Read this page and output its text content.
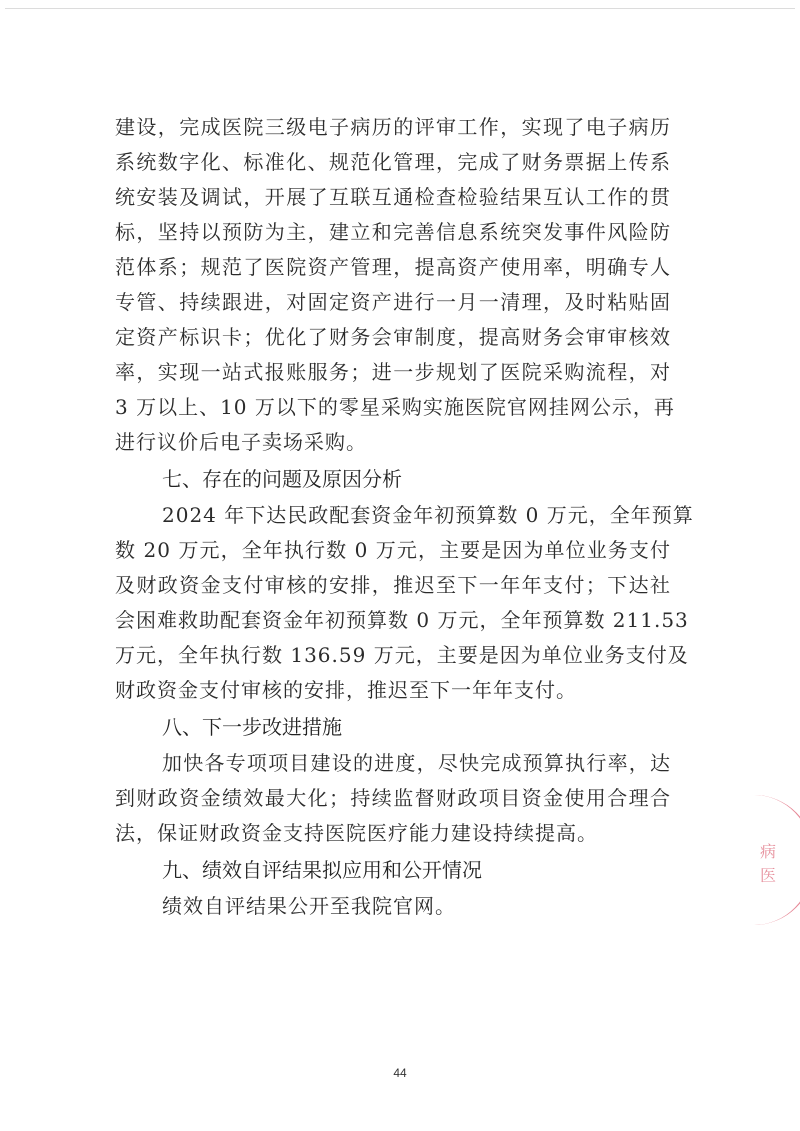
建设，完成医院三级电子病历的评审工作，实现了电子病历
系统数字化、标准化、规范化管理，完成了财务票据上传系
统安装及调试，开展了互联互通检查检验结果互认工作的贯
标，坚持以预防为主，建立和完善信息系统突发事件风险防
范体系；规范了医院资产管理，提高资产使用率，明确专人
专管、持续跟进，对固定资产进行一月一清理，及时粘贴固
定资产标识卡；优化了财务会审制度，提高财务会审审核效
率，实现一站式报账服务；进一步规划了医院采购流程，对
3 万以上、10 万以下的零星采购实施医院官网挂网公示，再
进行议价后电子卖场采购。
七、存在的问题及原因分析
2024 年下达民政配套资金年初预算数 0 万元，全年预算
数 20 万元，全年执行数 0 万元，主要是因为单位业务支付
及财政资金支付审核的安排，推迟至下一年年支付；下达社
会困难救助配套资金年初预算数 0 万元，全年预算数 211.53
万元，全年执行数 136.59 万元，主要是因为单位业务支付及
财政资金支付审核的安排，推迟至下一年年支付。
八、下一步改进措施
加快各专项项目建设的进度，尽快完成预算执行率，达
到财政资金绩效最大化；持续监督财政项目资金使用合理合
法，保证财政资金支持医院医疗能力建设持续提高。
九、绩效自评结果拟应用和公开情况
绩效自评结果公开至我院官网。
病医
44
